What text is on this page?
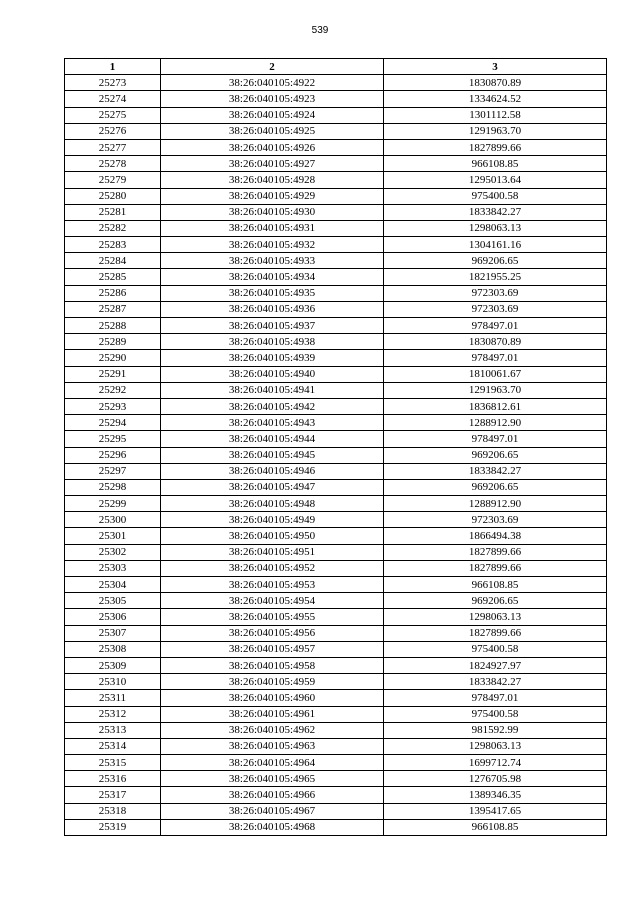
539
1	2	3
25273	38:26:040105:4922	1830870.89
25274	38:26:040105:4923	1334624.52
25275	38:26:040105:4924	1301112.58
25276	38:26:040105:4925	1291963.70
25277	38:26:040105:4926	1827899.66
25278	38:26:040105:4927	966108.85
25279	38:26:040105:4928	1295013.64
25280	38:26:040105:4929	975400.58
25281	38:26:040105:4930	1833842.27
25282	38:26:040105:4931	1298063.13
25283	38:26:040105:4932	1304161.16
25284	38:26:040105:4933	969206.65
25285	38:26:040105:4934	1821955.25
25286	38:26:040105:4935	972303.69
25287	38:26:040105:4936	972303.69
25288	38:26:040105:4937	978497.01
25289	38:26:040105:4938	1830870.89
25290	38:26:040105:4939	978497.01
25291	38:26:040105:4940	1810061.67
25292	38:26:040105:4941	1291963.70
25293	38:26:040105:4942	1836812.61
25294	38:26:040105:4943	1288912.90
25295	38:26:040105:4944	978497.01
25296	38:26:040105:4945	969206.65
25297	38:26:040105:4946	1833842.27
25298	38:26:040105:4947	969206.65
25299	38:26:040105:4948	1288912.90
25300	38:26:040105:4949	972303.69
25301	38:26:040105:4950	1866494.38
25302	38:26:040105:4951	1827899.66
25303	38:26:040105:4952	1827899.66
25304	38:26:040105:4953	966108.85
25305	38:26:040105:4954	969206.65
25306	38:26:040105:4955	1298063.13
25307	38:26:040105:4956	1827899.66
25308	38:26:040105:4957	975400.58
25309	38:26:040105:4958	1824927.97
25310	38:26:040105:4959	1833842.27
25311	38:26:040105:4960	978497.01
25312	38:26:040105:4961	975400.58
25313	38:26:040105:4962	981592.99
25314	38:26:040105:4963	1298063.13
25315	38:26:040105:4964	1699712.74
25316	38:26:040105:4965	1276705.98
25317	38:26:040105:4966	1389346.35
25318	38:26:040105:4967	1395417.65
25319	38:26:040105:4968	966108.85
